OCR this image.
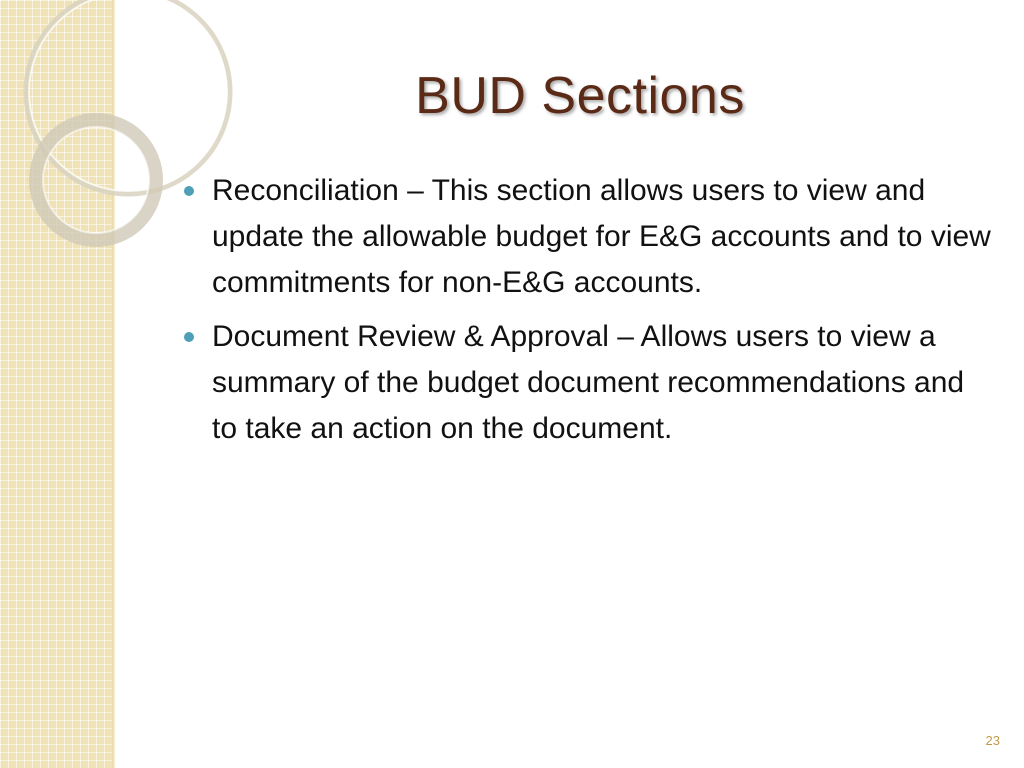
BUD Sections
Reconciliation – This section allows users to view and update the allowable budget for E&G accounts and to view commitments for non-E&G accounts.
Document Review & Approval – Allows users to view a summary of the budget document recommendations and to take an action on the document.
23
